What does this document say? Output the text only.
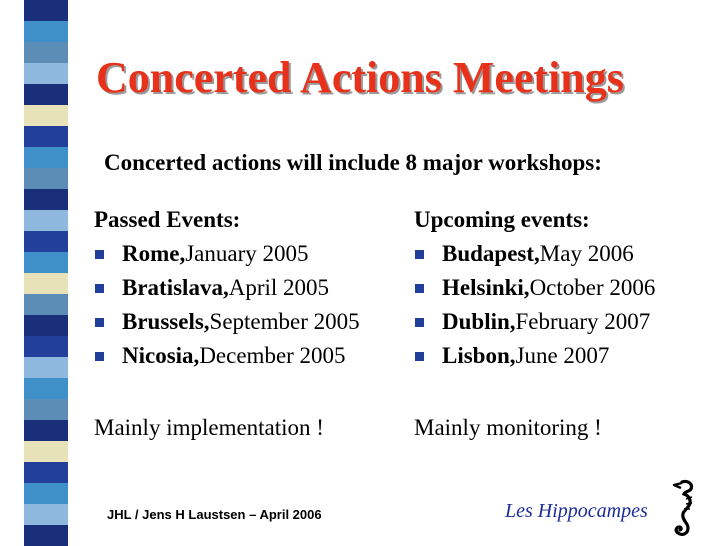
Concerted Actions Meetings
Concerted actions will include 8 major workshops:
Passed Events:
Rome, January 2005
Bratislava, April 2005
Brussels, September 2005
Nicosia, December 2005
Upcoming events:
Budapest, May 2006
Helsinki, October 2006
Dublin, February 2007
Lisbon, June 2007
Mainly implementation !	Mainly monitoring !
JHL / Jens H Laustsen – April 2006	Les Hippocampes
